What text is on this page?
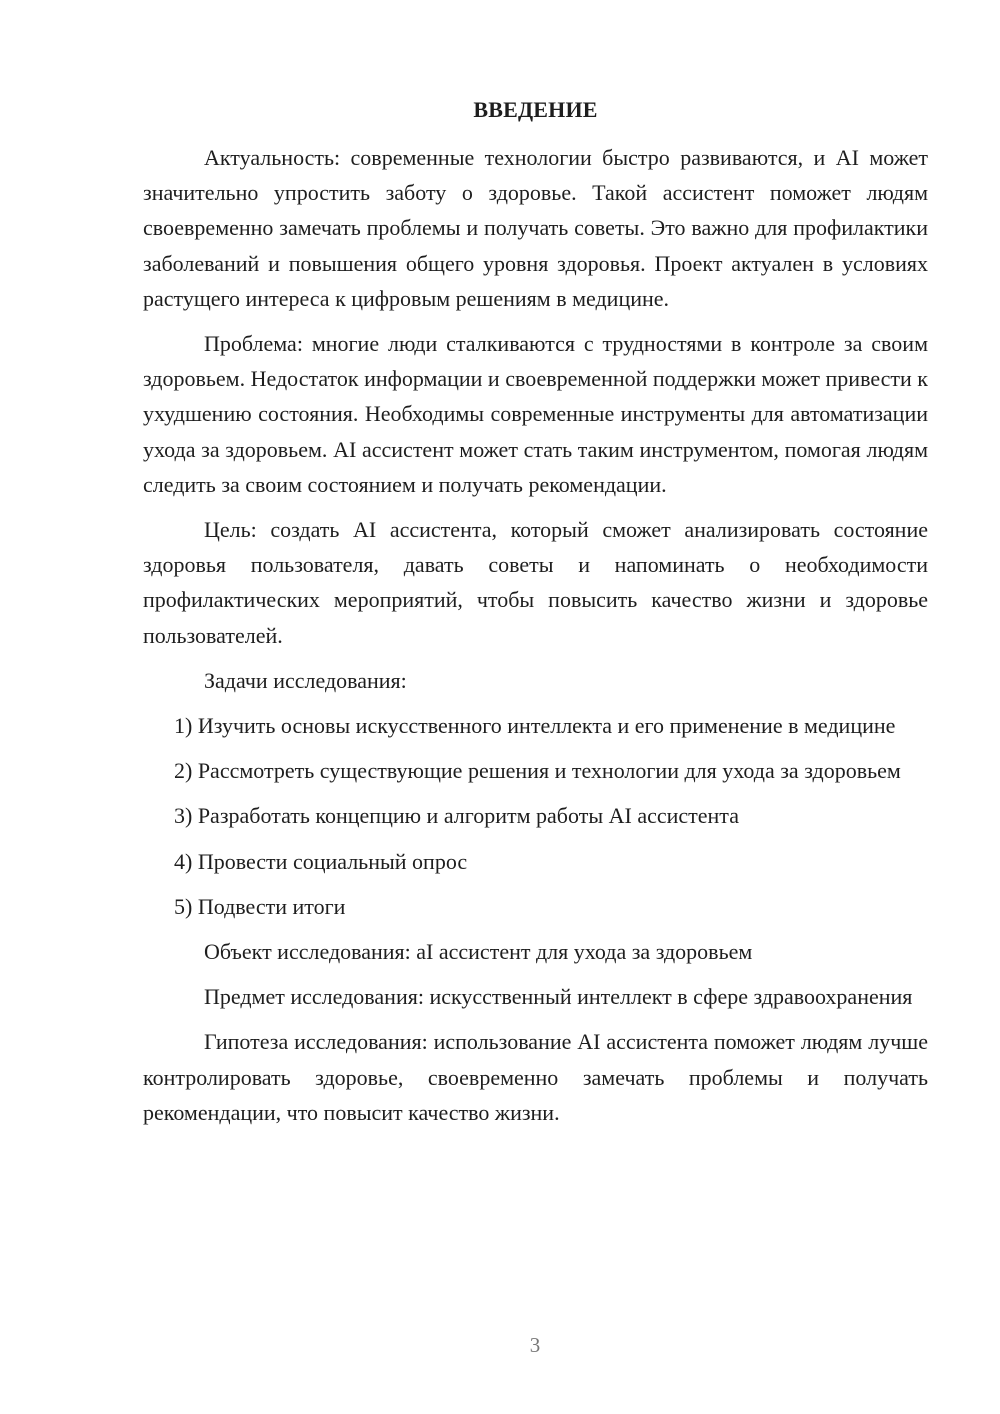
ВВЕДЕНИЕ

Актуальность: современные технологии быстро развиваются, и AI может значительно упростить заботу о здоровье. Такой ассистент поможет людям своевременно замечать проблемы и получать советы. Это важно для профилактики заболеваний и повышения общего уровня здоровья. Проект актуален в условиях растущего интереса к цифровым решениям в медицине.

Проблема: многие люди сталкиваются с трудностями в контроле за своим здоровьем. Недостаток информации и своевременной поддержки может привести к ухудшению состояния. Необходимы современные инструменты для автоматизации ухода за здоровьем. AI ассистент может стать таким инструментом, помогая людям следить за своим состоянием и получать рекомендации.

Цель: создать AI ассистента, который сможет анализировать состояние здоровья пользователя, давать советы и напоминать о необходимости профилактических мероприятий, чтобы повысить качество жизни и здоровье пользователей.

Задачи исследования:

1) Изучить основы искусственного интеллекта и его применение в медицине

2) Рассмотреть существующие решения и технологии для ухода за здоровьем

3) Разработать концепцию и алгоритм работы AI ассистента

4) Провести социальный опрос

5) Подвести итоги

Объект исследования: aI ассистент для ухода за здоровьем

Предмет исследования: искусственный интеллект в сфере здравоохранения

Гипотеза исследования: использование AI ассистента поможет людям лучше контролировать здоровье, своевременно замечать проблемы и получать рекомендации, что повысит качество жизни.

3
